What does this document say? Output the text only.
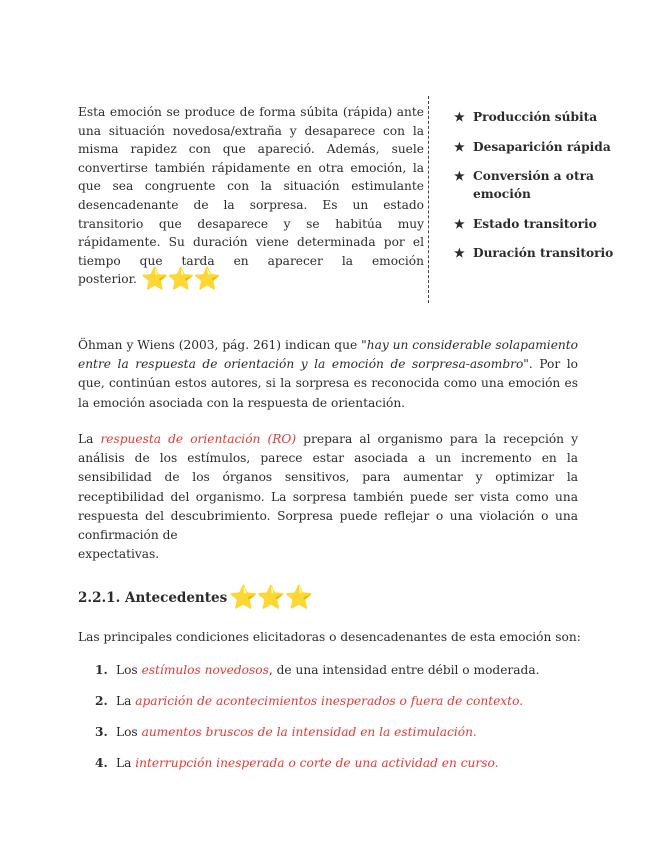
Esta emoción se produce de forma súbita (rápida) ante una situación novedosa/extraña y desaparece con la misma rapidez con que apareció. Además, suele convertirse también rápidamente en otra emoción, la que sea congruente con la situación estimulante desencadenante de la sorpresa. Es un estado transitorio que desaparece y se habitúa muy rápidamente. Su duración viene determinada por el tiempo que tarda en aparecer la emoción posterior. ⭐⭐⭐
★ Producción súbita
★ Desaparición rápida
★ Conversión a otra emoción
★ Estado transitorio
★ Duración transitorio
Öhman y Wiens (2003, pág. 261) indican que "hay un considerable solapamiento entre la respuesta de orientación y la emoción de sorpresa-asombro". Por lo que, continúan estos autores, si la sorpresa es reconocida como una emoción es la emoción asociada con la respuesta de orientación.
La respuesta de orientación (RO) prepara al organismo para la recepción y análisis de los estímulos, parece estar asociada a un incremento en la sensibilidad de los órganos sensitivos, para aumentar y optimizar la receptibilidad del organismo. La sorpresa también puede ser vista como una respuesta del descubrimiento. Sorpresa puede reflejar o una violación o una confirmación de
expectativas.
2.2.1. Antecedentes⭐⭐⭐
Las principales condiciones elicitadoras o desencadenantes de esta emoción son:
1. Los estímulos novedosos, de una intensidad entre débil o moderada.
2. La aparición de acontecimientos inesperados o fuera de contexto.
3. Los aumentos bruscos de la intensidad en la estimulación.
4. La interrupción inesperada o corte de una actividad en curso.
